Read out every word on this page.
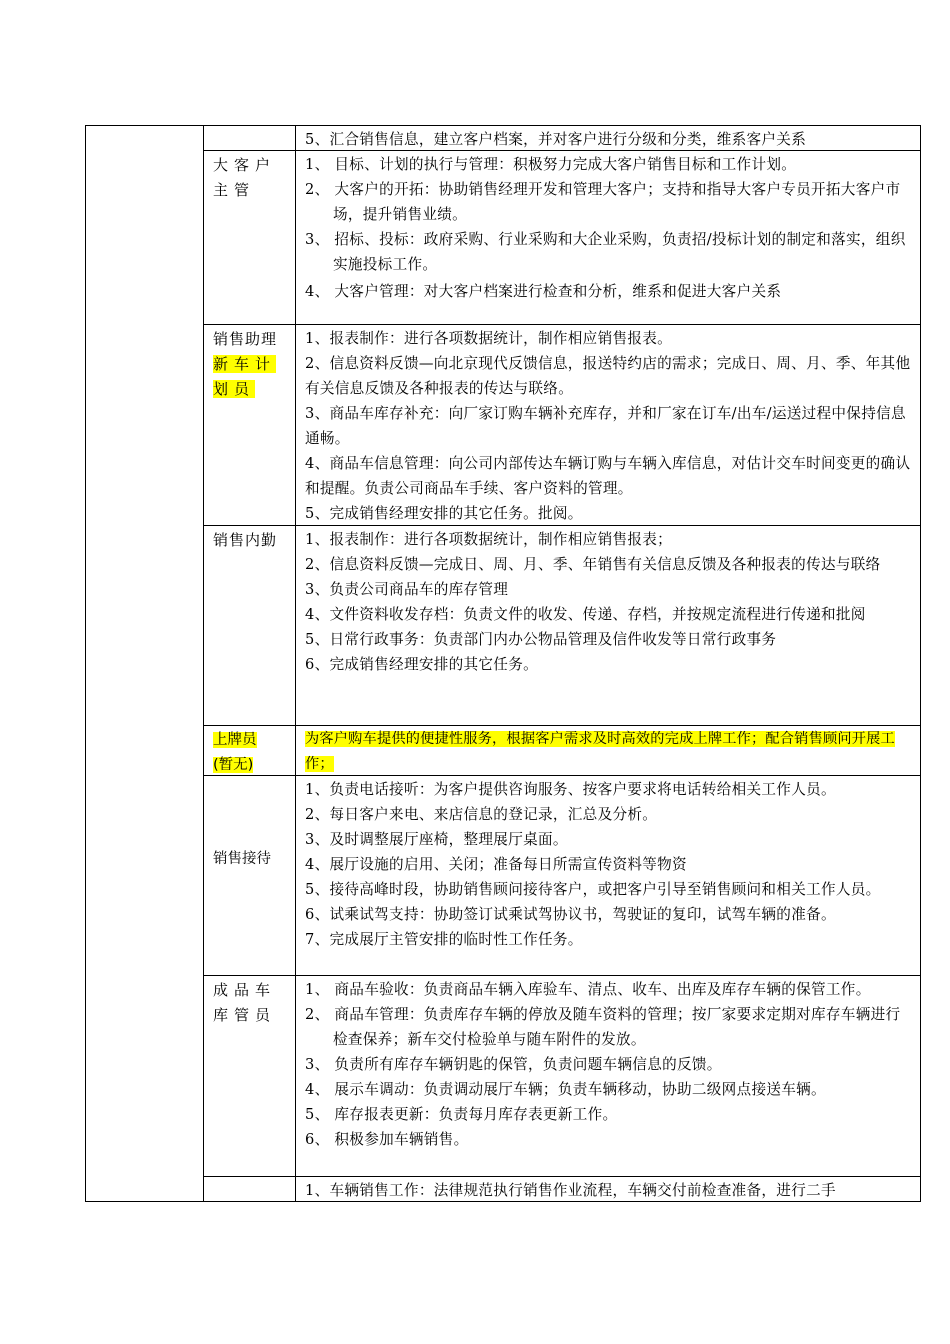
5、汇合销售信息，建立客户档案，并对客户进行分级和分类，维系客户关系

大客户主管

1、 目标、计划的执行与管理：积极努力完成大客户销售目标和工作计划。

2、 大客户的开拓：协助销售经理开发和管理大客户；支持和指导大客户专员开拓大客户市场，提升销售业绩。

3、 招标、投标：政府采购、行业采购和大企业采购，负责招/投标计划的制定和落实，组织实施投标工作。

4、 大客户管理：对大客户档案进行检查和分析，维系和促进大客户关系

销售助理
新车计划员

1、报表制作：进行各项数据统计，制作相应销售报表。

2、信息资料反馈—向北京现代反馈信息，报送特约店的需求；完成日、周、月、季、年其他有关信息反馈及各种报表的传达与联络。

3、商品车库存补充：向厂家订购车辆补充库存，并和厂家在订车/出车/运送过程中保持信息通畅。

4、商品车信息管理：向公司内部传达车辆订购与车辆入库信息，对估计交车时间变更的确认和提醒。负责公司商品车手续、客户资料的管理。

5、完成销售经理安排的其它任务。批阅。

销售内勤	1、报表制作：进行各项数据统计，制作相应销售报表；

2、信息资料反馈—完成日、周、月、季、年销售有关信息反馈及各种报表的传达与联络

3、负责公司商品车的库存管理

4、文件资料收发存档：负责文件的收发、传递、存档，并按规定流程进行传递和批阅

5、日常行政事务：负责部门内办公物品管理及信件收发等日常行政事务

6、完成销售经理安排的其它任务。

上牌员(暂无)

为客户购车提供的便捷性服务，根据客户需求及时高效的完成上牌工作；配合销售顾问开展工作；

销售接待

1、负责电话接听：为客户提供咨询服务、按客户要求将电话转给相关工作人员。

2、每日客户来电、来店信息的登记录，汇总及分析。

3、及时调整展厅座椅，整理展厅桌面。

4、展厅设施的启用、关闭；准备每日所需宣传资料等物资

5、接待高峰时段，协助销售顾问接待客户，或把客户引导至销售顾问和相关工作人员。

6、试乘试驾支持：协助签订试乘试驾协议书，驾驶证的复印，试驾车辆的准备。

7、完成展厅主管安排的临时性工作任务。

成品车库管员

1、 商品车验收：负责商品车辆入库验车、清点、收车、出库及库存车辆的保管工作。

2、 商品车管理：负责库存车辆的停放及随车资料的管理；按厂家要求定期对库存车辆进行检查保养；新车交付检验单与随车附件的发放。

3、 负责所有库存车辆钥匙的保管，负责问题车辆信息的反馈。

4、 展示车调动：负责调动展厅车辆；负责车辆移动，协助二级网点接送车辆。

5、 库存报表更新：负责每月库存表更新工作。

6、 积极参加车辆销售。

1、车辆销售工作：法律规范执行销售作业流程，车辆交付前检查准备，进行二手
